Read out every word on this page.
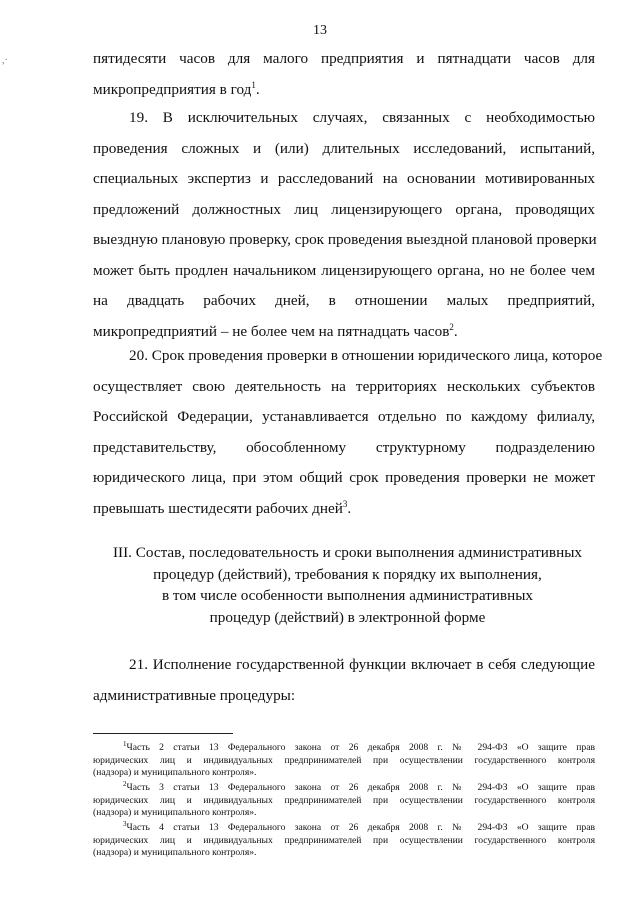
,·
13
пятидесяти часов для малого предприятия и пятнадцати часов для
микропредприятия в год$^1$.
19. В исключительных случаях, связанных с необходимостью
проведения сложных и (или) длительных исследований, испытаний,
специальных экспертиз и расследований на основании мотивированных
предложений должностных лиц лицензирующего органа, проводящих
выездную плановую проверку, срок проведения выездной плановой проверки
может быть продлен начальником лицензирующего органа, но не более чем
на двадцать рабочих дней, в отношении малых предприятий,
микропредприятий – не более чем на пятнадцать часов$^2$.
20. Срок проведения проверки в отношении юридического лица, которое
осуществляет свою деятельность на территориях нескольких субъектов
Российской Федерации, устанавливается отдельно по каждому филиалу,
представительству, обособленному структурному подразделению
юридического лица, при этом общий срок проведения проверки не может
превышать шестидесяти рабочих дней$^3$.
III. Состав, последовательность и сроки выполнения административных
процедур (действий), требования к порядку их выполнения,
в том числе особенности выполнения административных
процедур (действий) в электронной форме
21. Исполнение государственной функции включает в себя следующие
административные процедуры:
$^1$Часть 2 статьи 13 Федерального закона от 26 декабря 2008 г. № 294-ФЗ «О защите прав
юридических лиц и индивидуальных предпринимателей при осуществлении государственного контроля
(надзора) и муниципального контроля».
$^2$Часть 3 статьи 13 Федерального закона от 26 декабря 2008 г. № 294-ФЗ «О защите прав
юридических лиц и индивидуальных предпринимателей при осуществлении государственного контроля
(надзора) и муниципального контроля».
$^3$Часть 4 статьи 13 Федерального закона от 26 декабря 2008 г. № 294-ФЗ «О защите прав
юридических лиц и индивидуальных предпринимателей при осуществлении государственного контроля
(надзора) и муниципального контроля».
